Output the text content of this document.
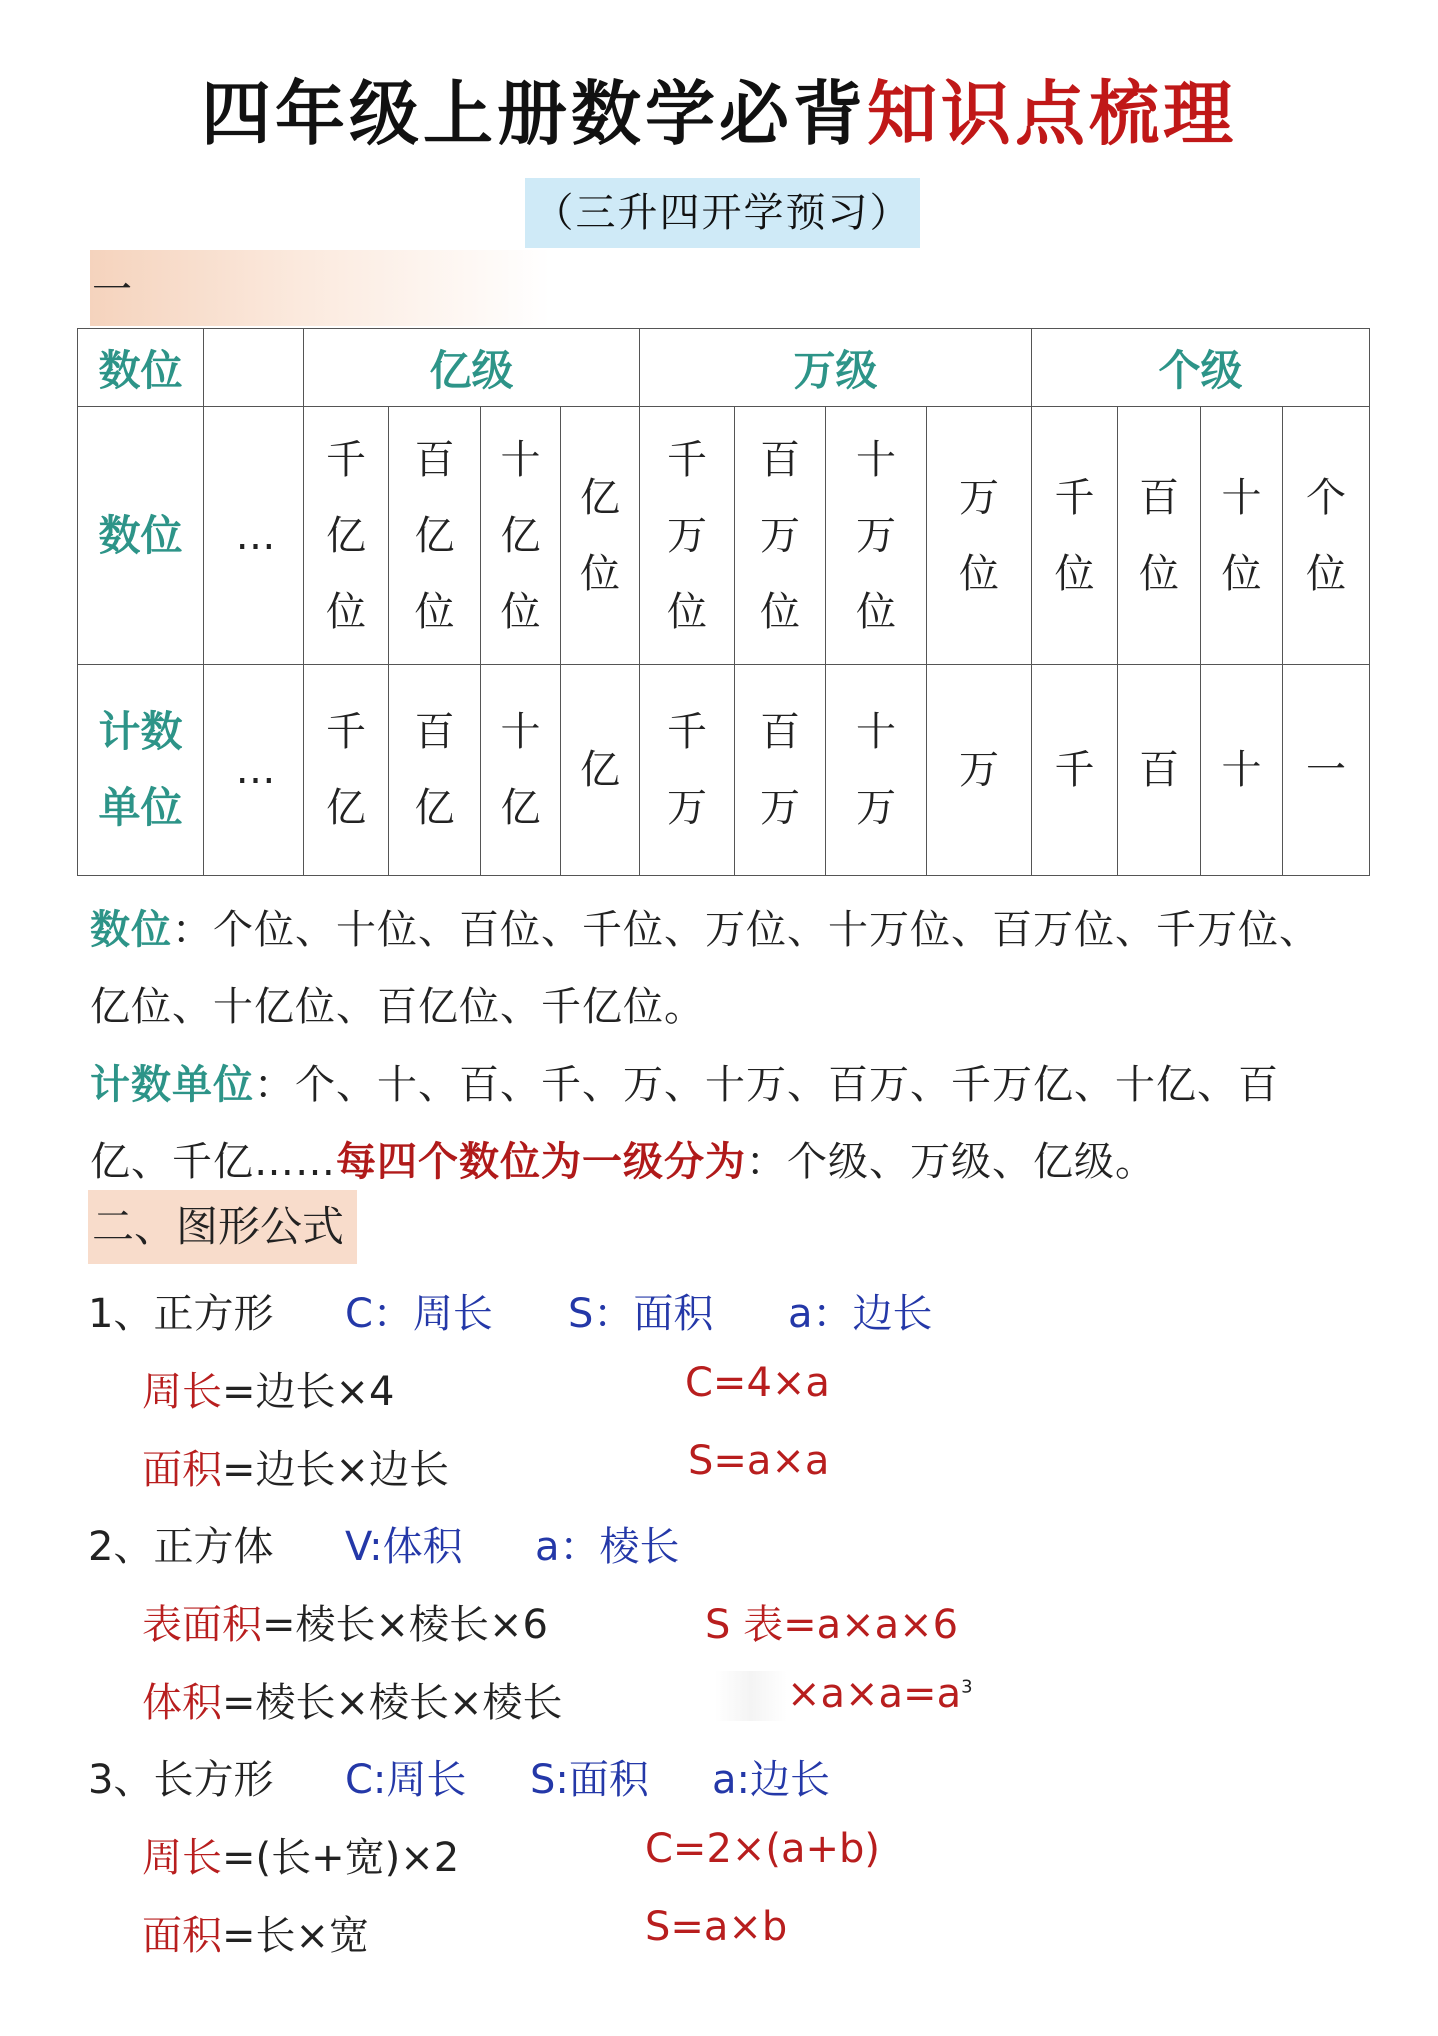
四年级上册数学必背知识点梳理
（三升四开学预习）
一
数位		亿级				万级				个级			
数位	…	千亿位	百亿位	十亿位	亿位	千万位	百万位	十万位	万位	千位	百位	十位	个位
计数单位	…	千亿	百亿	十亿	亿	千万	百万	十万	万	千	百	十	一
数位：个位、十位、百位、千位、万位、十万位、百万位、千万位、
亿位、十亿位、百亿位、千亿位。
计数单位：个、十、百、千、万、十万、百万、千万亿、十亿、百
亿、千亿……每四个数位为一级分为：个级、万级、亿级。
二、图形公式
1、正方形 C：周长 S：面积 a：边长
周长=边长×4	C=4×a
面积=边长×边长	S=a×a
2、正方体 V:体积 a：棱长
表面积=棱长×棱长×6	S 表=a×a×6
体积=棱长×棱长×棱长	$\times a\times a=a^3$
3、长方形 C:周长 S:面积 a:边长
周长=(长+宽)×2	C=2×(a+b)
面积=长×宽	S=a×b
